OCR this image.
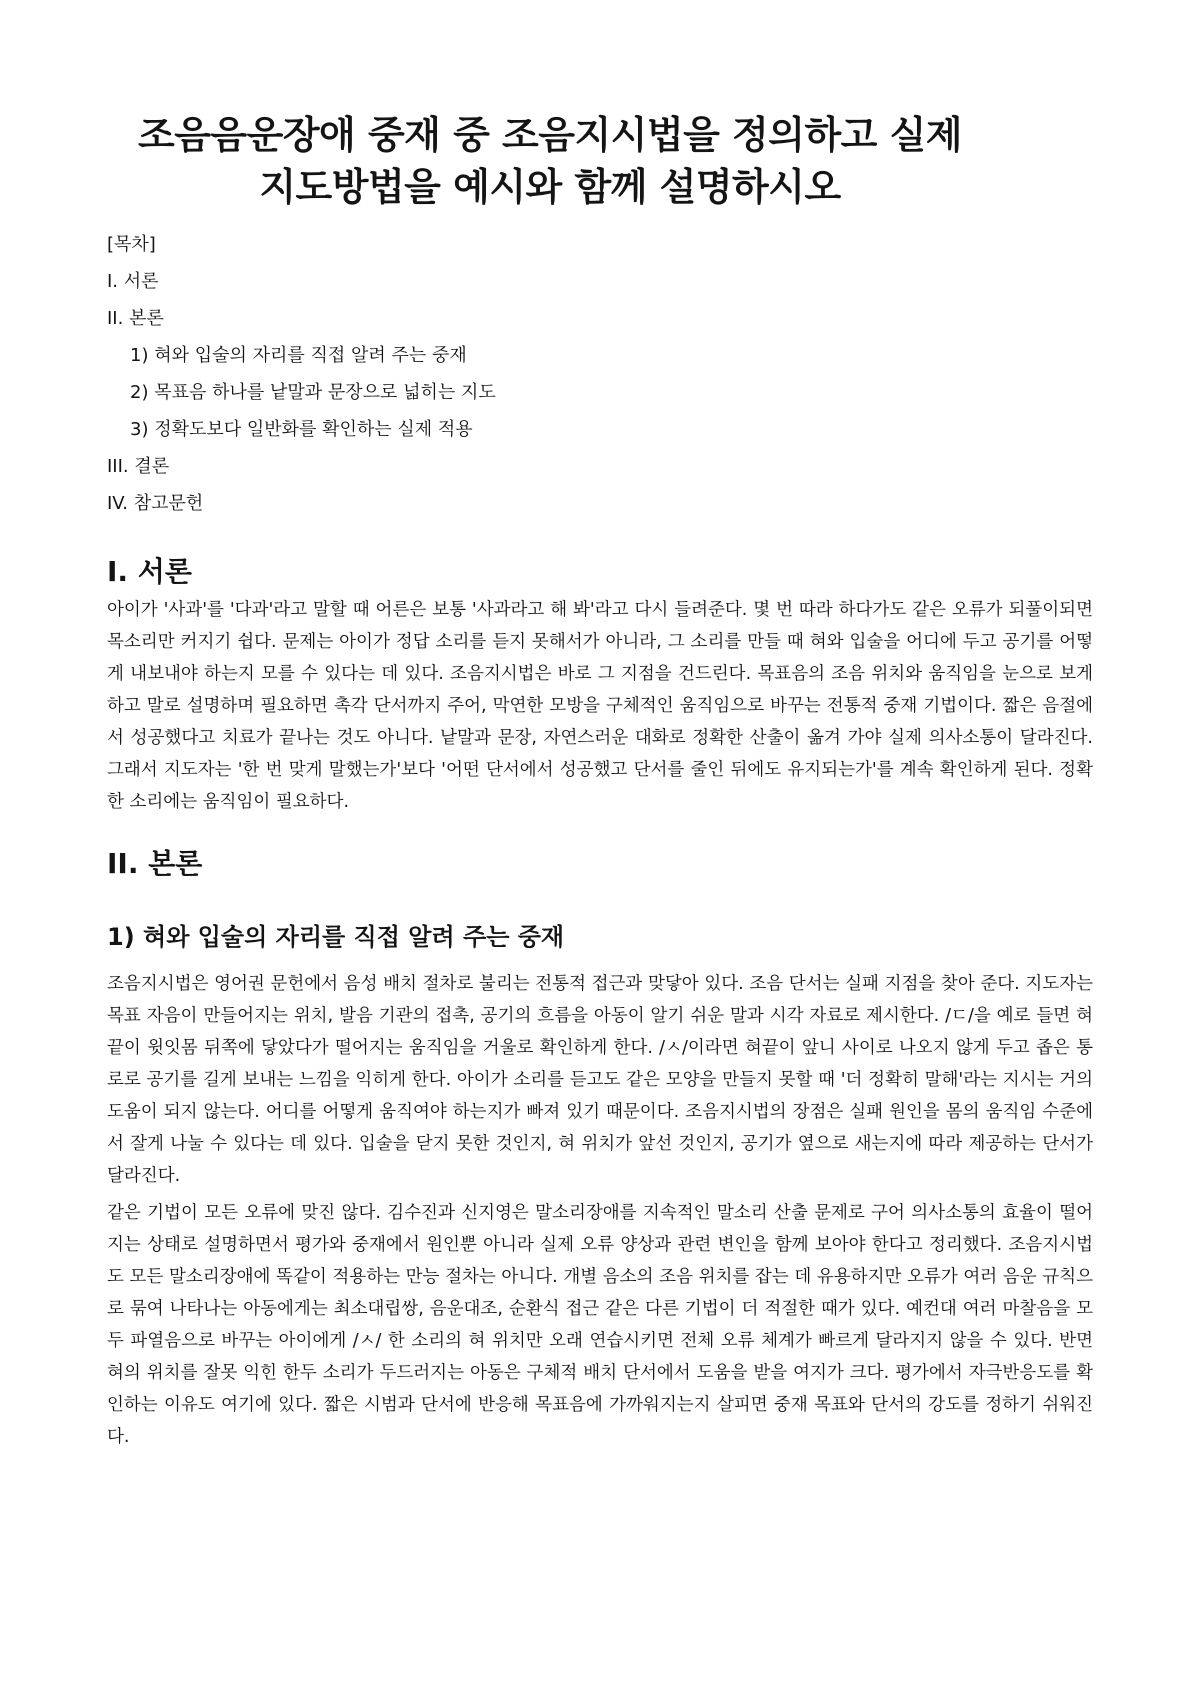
조음음운장애 중재 중 조음지시법을 정의하고 실제 지도방법을 예시와 함께 설명하시오
[목차]
I. 서론
II. 본론
1) 혀와 입술의 자리를 직접 알려 주는 중재
2) 목표음 하나를 낱말과 문장으로 넓히는 지도
3) 정확도보다 일반화를 확인하는 실제 적용
III. 결론
IV. 참고문헌
I. 서론

아이가 '사과'를 '다과'라고 말할 때 어른은 보통 '사과라고 해 봐'라고 다시 들려준다. 몇 번 따라 하다가도 같은 오류가 되풀이되면 목소리만 커지기 쉽다. 문제는 아이가 정답 소리를 듣지 못해서가 아니라, 그 소리를 만들 때 혀와 입술을 어디에 두고 공기를 어떻게 내보내야 하는지 모를 수 있다는 데 있다. 조음지시법은 바로 그 지점을 건드린다. 목표음의 조음 위치와 움직임을 눈으로 보게 하고 말로 설명하며 필요하면 촉각 단서까지 주어, 막연한 모방을 구체적인 움직임으로 바꾸는 전통적 중재 기법이다. 짧은 음절에서 성공했다고 치료가 끝나는 것도 아니다. 낱말과 문장, 자연스러운 대화로 정확한 산출이 옮겨 가야 실제 의사소통이 달라진다. 그래서 지도자는 '한 번 맞게 말했는가'보다 '어떤 단서에서 성공했고 단서를 줄인 뒤에도 유지되는가'를 계속 확인하게 된다. 정확한 소리에는 움직임이 필요하다.

II. 본론
1) 혀와 입술의 자리를 직접 알려 주는 중재

조음지시법은 영어권 문헌에서 음성 배치 절차로 불리는 전통적 접근과 맞닿아 있다. 조음 단서는 실패 지점을 찾아 준다. 지도자는 목표 자음이 만들어지는 위치, 발음 기관의 접촉, 공기의 흐름을 아동이 알기 쉬운 말과 시각 자료로 제시한다. /ㄷ/을 예로 들면 혀끝이 윗잇몸 뒤쪽에 닿았다가 떨어지는 움직임을 거울로 확인하게 한다. /ㅅ/이라면 혀끝이 앞니 사이로 나오지 않게 두고 좁은 통로로 공기를 길게 보내는 느낌을 익히게 한다. 아이가 소리를 듣고도 같은 모양을 만들지 못할 때 '더 정확히 말해'라는 지시는 거의 도움이 되지 않는다. 어디를 어떻게 움직여야 하는지가 빠져 있기 때문이다. 조음지시법의 장점은 실패 원인을 몸의 움직임 수준에서 잘게 나눌 수 있다는 데 있다. 입술을 닫지 못한 것인지, 혀 위치가 앞선 것인지, 공기가 옆으로 새는지에 따라 제공하는 단서가 달라진다.

같은 기법이 모든 오류에 맞진 않다. 김수진과 신지영은 말소리장애를 지속적인 말소리 산출 문제로 구어 의사소통의 효율이 떨어지는 상태로 설명하면서 평가와 중재에서 원인뿐 아니라 실제 오류 양상과 관련 변인을 함께 보아야 한다고 정리했다. 조음지시법도 모든 말소리장애에 똑같이 적용하는 만능 절차는 아니다. 개별 음소의 조음 위치를 잡는 데 유용하지만 오류가 여러 음운 규칙으로 묶여 나타나는 아동에게는 최소대립쌍, 음운대조, 순환식 접근 같은 다른 기법이 더 적절한 때가 있다. 예컨대 여러 마찰음을 모두 파열음으로 바꾸는 아이에게 /ㅅ/ 한 소리의 혀 위치만 오래 연습시키면 전체 오류 체계가 빠르게 달라지지 않을 수 있다. 반면 혀의 위치를 잘못 익힌 한두 소리가 두드러지는 아동은 구체적 배치 단서에서 도움을 받을 여지가 크다. 평가에서 자극반응도를 확인하는 이유도 여기에 있다. 짧은 시범과 단서에 반응해 목표음에 가까워지는지 살피면 중재 목표와 단서의 강도를 정하기 쉬워진다.
